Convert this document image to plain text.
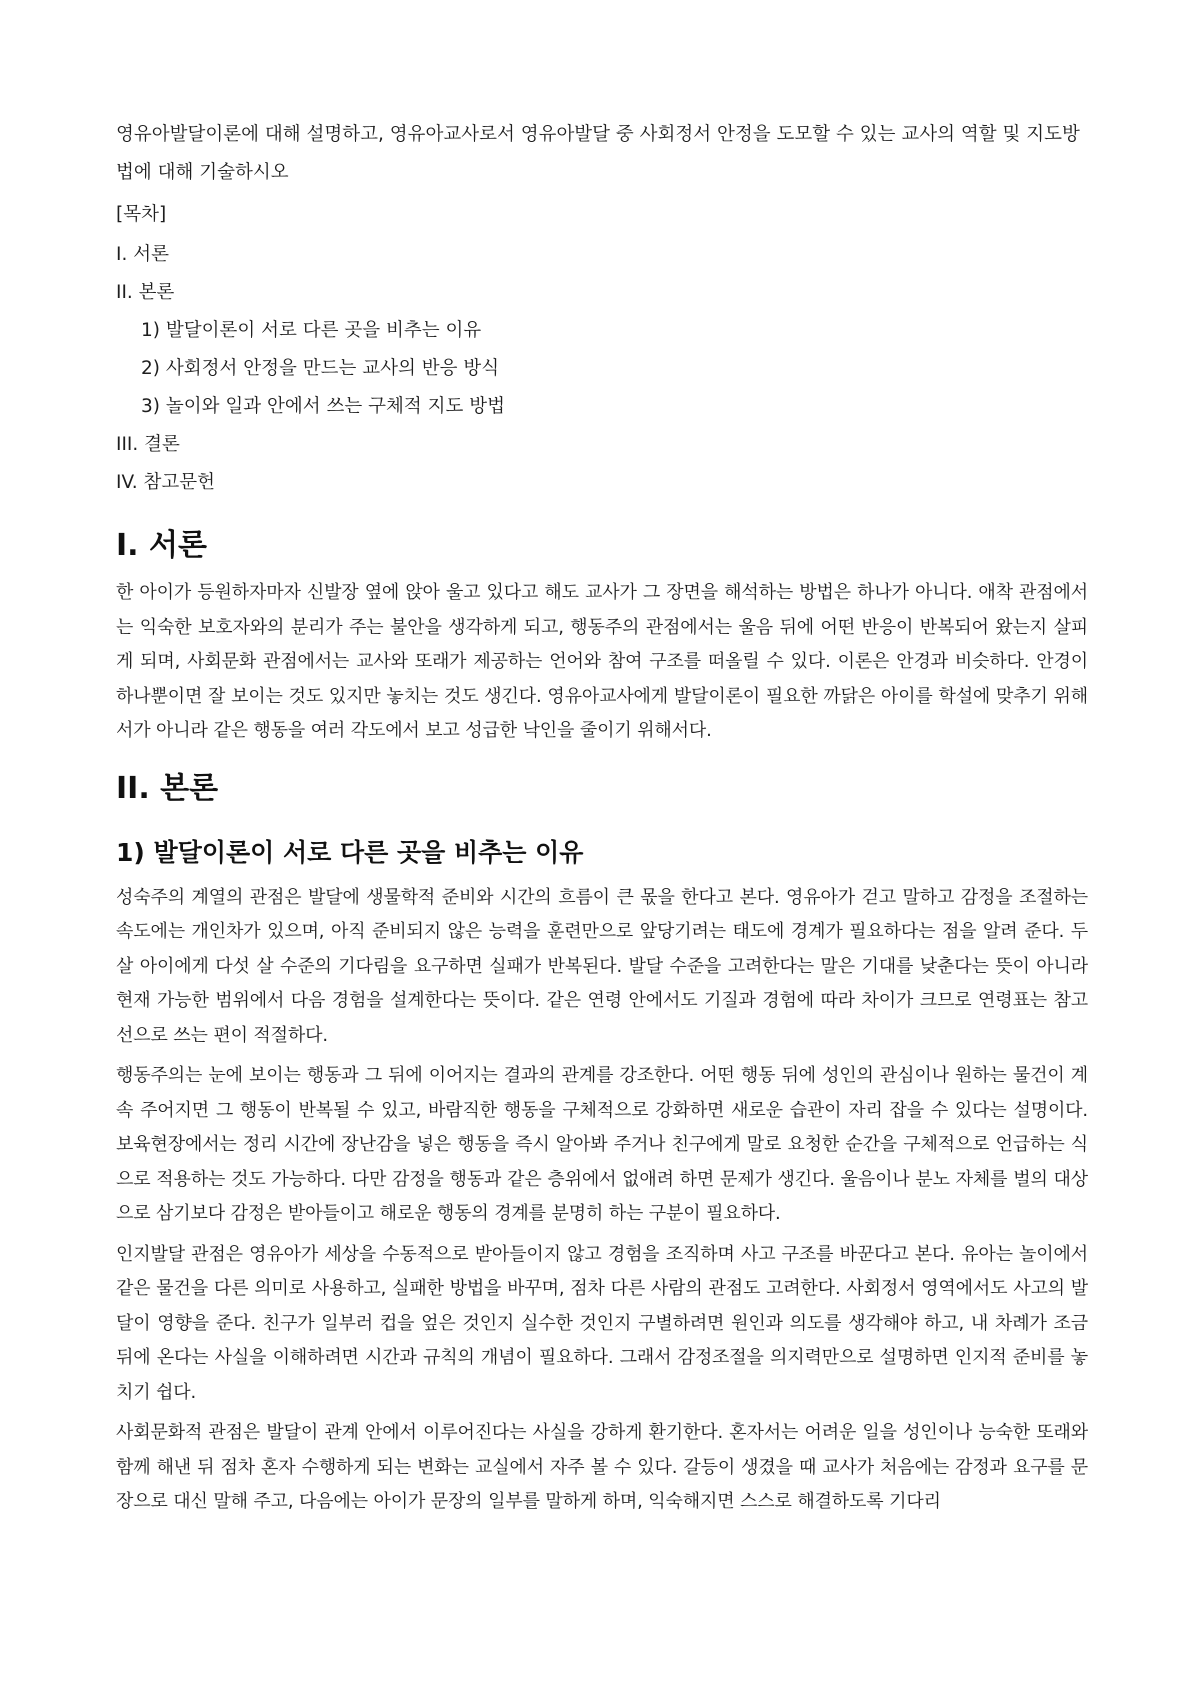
영유아발달이론에 대해 설명하고, 영유아교사로서 영유아발달 중 사회정서 안정을 도모할 수 있는 교사의 역할 및 지도방법에 대해 기술하시오

[목차]
I. 서론
II. 본론
1) 발달이론이 서로 다른 곳을 비추는 이유
2) 사회정서 안정을 만드는 교사의 반응 방식
3) 놀이와 일과 안에서 쓰는 구체적 지도 방법
III. 결론
IV. 참고문헌
I. 서론

한 아이가 등원하자마자 신발장 옆에 앉아 울고 있다고 해도 교사가 그 장면을 해석하는 방법은 하나가 아니다. 애착 관점에서는 익숙한 보호자와의 분리가 주는 불안을 생각하게 되고, 행동주의 관점에서는 울음 뒤에 어떤 반응이 반복되어 왔는지 살피게 되며, 사회문화 관점에서는 교사와 또래가 제공하는 언어와 참여 구조를 떠올릴 수 있다. 이론은 안경과 비슷하다. 안경이 하나뿐이면 잘 보이는 것도 있지만 놓치는 것도 생긴다. 영유아교사에게 발달이론이 필요한 까닭은 아이를 학설에 맞추기 위해서가 아니라 같은 행동을 여러 각도에서 보고 성급한 낙인을 줄이기 위해서다.

II. 본론
1) 발달이론이 서로 다른 곳을 비추는 이유

성숙주의 계열의 관점은 발달에 생물학적 준비와 시간의 흐름이 큰 몫을 한다고 본다. 영유아가 걷고 말하고 감정을 조절하는 속도에는 개인차가 있으며, 아직 준비되지 않은 능력을 훈련만으로 앞당기려는 태도에 경계가 필요하다는 점을 알려 준다. 두 살 아이에게 다섯 살 수준의 기다림을 요구하면 실패가 반복된다. 발달 수준을 고려한다는 말은 기대를 낮춘다는 뜻이 아니라 현재 가능한 범위에서 다음 경험을 설계한다는 뜻이다. 같은 연령 안에서도 기질과 경험에 따라 차이가 크므로 연령표는 참고선으로 쓰는 편이 적절하다.

행동주의는 눈에 보이는 행동과 그 뒤에 이어지는 결과의 관계를 강조한다. 어떤 행동 뒤에 성인의 관심이나 원하는 물건이 계속 주어지면 그 행동이 반복될 수 있고, 바람직한 행동을 구체적으로 강화하면 새로운 습관이 자리 잡을 수 있다는 설명이다. 보육현장에서는 정리 시간에 장난감을 넣은 행동을 즉시 알아봐 주거나 친구에게 말로 요청한 순간을 구체적으로 언급하는 식으로 적용하는 것도 가능하다. 다만 감정을 행동과 같은 층위에서 없애려 하면 문제가 생긴다. 울음이나 분노 자체를 벌의 대상으로 삼기보다 감정은 받아들이고 해로운 행동의 경계를 분명히 하는 구분이 필요하다.

인지발달 관점은 영유아가 세상을 수동적으로 받아들이지 않고 경험을 조직하며 사고 구조를 바꾼다고 본다. 유아는 놀이에서 같은 물건을 다른 의미로 사용하고, 실패한 방법을 바꾸며, 점차 다른 사람의 관점도 고려한다. 사회정서 영역에서도 사고의 발달이 영향을 준다. 친구가 일부러 컵을 엎은 것인지 실수한 것인지 구별하려면 원인과 의도를 생각해야 하고, 내 차례가 조금 뒤에 온다는 사실을 이해하려면 시간과 규칙의 개념이 필요하다. 그래서 감정조절을 의지력만으로 설명하면 인지적 준비를 놓치기 쉽다.

사회문화적 관점은 발달이 관계 안에서 이루어진다는 사실을 강하게 환기한다. 혼자서는 어려운 일을 성인이나 능숙한 또래와 함께 해낸 뒤 점차 혼자 수행하게 되는 변화는 교실에서 자주 볼 수 있다. 갈등이 생겼을 때 교사가 처음에는 감정과 요구를 문장으로 대신 말해 주고, 다음에는 아이가 문장의 일부를 말하게 하며, 익숙해지면 스스로 해결하도록 기다리
